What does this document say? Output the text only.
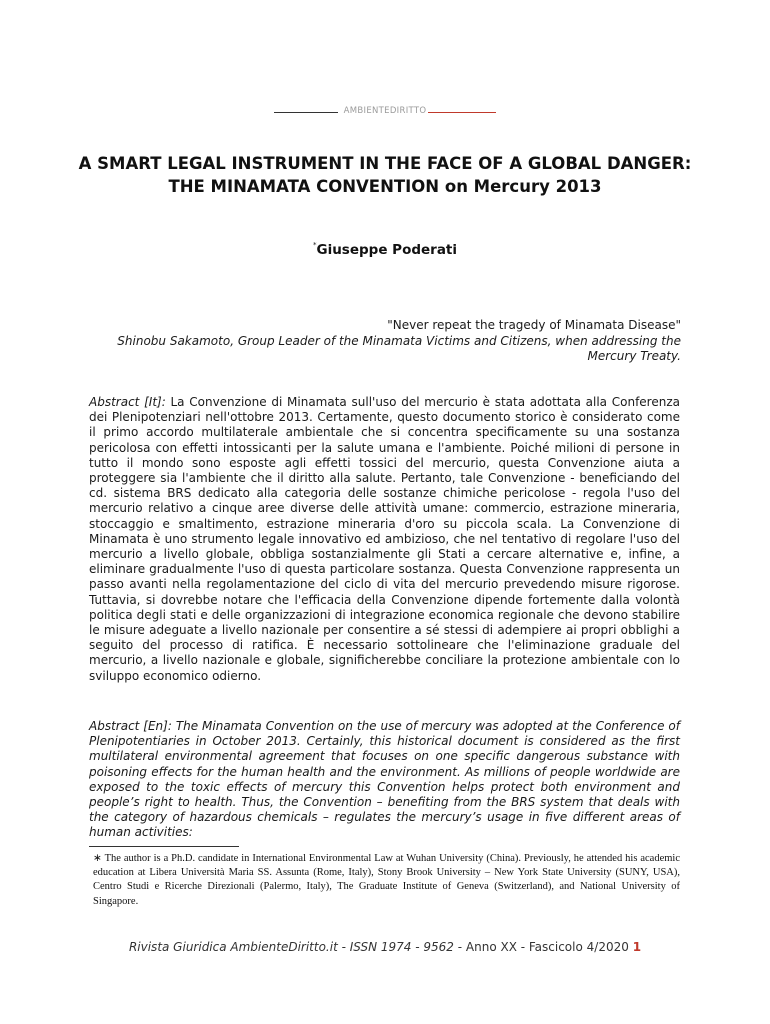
AMBIENTEDIRITTO
A SMART LEGAL INSTRUMENT IN THE FACE OF A GLOBAL DANGER: THE MINAMATA CONVENTION on Mercury 2013
*Giuseppe Poderati
"Never repeat the tragedy of Minamata Disease"
Shinobu Sakamoto, Group Leader of the Minamata Victims and Citizens, when addressing the Mercury Treaty.

Abstract [It]: La Convenzione di Minamata sull'uso del mercurio è stata adottata alla Conferenza dei Plenipotenziari nell'ottobre 2013. Certamente, questo documento storico è considerato come il primo accordo multilaterale ambientale che si concentra specificamente su una sostanza pericolosa con effetti intossicanti per la salute umana e l'ambiente. Poiché milioni di persone in tutto il mondo sono esposte agli effetti tossici del mercurio, questa Convenzione aiuta a proteggere sia l'ambiente che il diritto alla salute. Pertanto, tale Convenzione - beneficiando del cd. sistema BRS dedicato alla categoria delle sostanze chimiche pericolose - regola l'uso del mercurio relativo a cinque aree diverse delle attività umane: commercio, estrazione mineraria, stoccaggio e smaltimento, estrazione mineraria d'oro su piccola scala. La Convenzione di Minamata è uno strumento legale innovativo ed ambizioso, che nel tentativo di regolare l'uso del mercurio a livello globale, obbliga sostanzialmente gli Stati a cercare alternative e, infine, a eliminare gradualmente l'uso di questa particolare sostanza. Questa Convenzione rappresenta un passo avanti nella regolamentazione del ciclo di vita del mercurio prevedendo misure rigorose. Tuttavia, si dovrebbe notare che l'efficacia della Convenzione dipende fortemente dalla volontà politica degli stati e delle organizzazioni di integrazione economica regionale che devono stabilire le misure adeguate a livello nazionale per consentire a sé stessi di adempiere ai propri obblighi a seguito del processo di ratifica. È necessario sottolineare che l'eliminazione graduale del mercurio, a livello nazionale e globale, significherebbe conciliare la protezione ambientale con lo sviluppo economico odierno.

Abstract [En]: The Minamata Convention on the use of mercury was adopted at the Conference of Plenipotentiaries in October 2013. Certainly, this historical document is considered as the first multilateral environmental agreement that focuses on one specific dangerous substance with poisoning effects for the human health and the environment. As millions of people worldwide are exposed to the toxic effects of mercury this Convention helps protect both environment and people’s right to health. Thus, the Convention – benefiting from the BRS system that deals with the category of hazardous chemicals – regulates the mercury’s usage in five different areas of human activities:

∗ The author is a Ph.D. candidate in International Environmental Law at Wuhan University (China). Previously, he attended his academic education at Libera Università Maria SS. Assunta (Rome, Italy), Stony Brook University – New York State University (SUNY, USA), Centro Studi e Ricerche Direzionali (Palermo, Italy), The Graduate Institute of Geneva (Switzerland), and National University of Singapore.
Rivista Giuridica AmbienteDiritto.it - ISSN 1974 - 9562 - Anno XX - Fascicolo 4/2020 1
